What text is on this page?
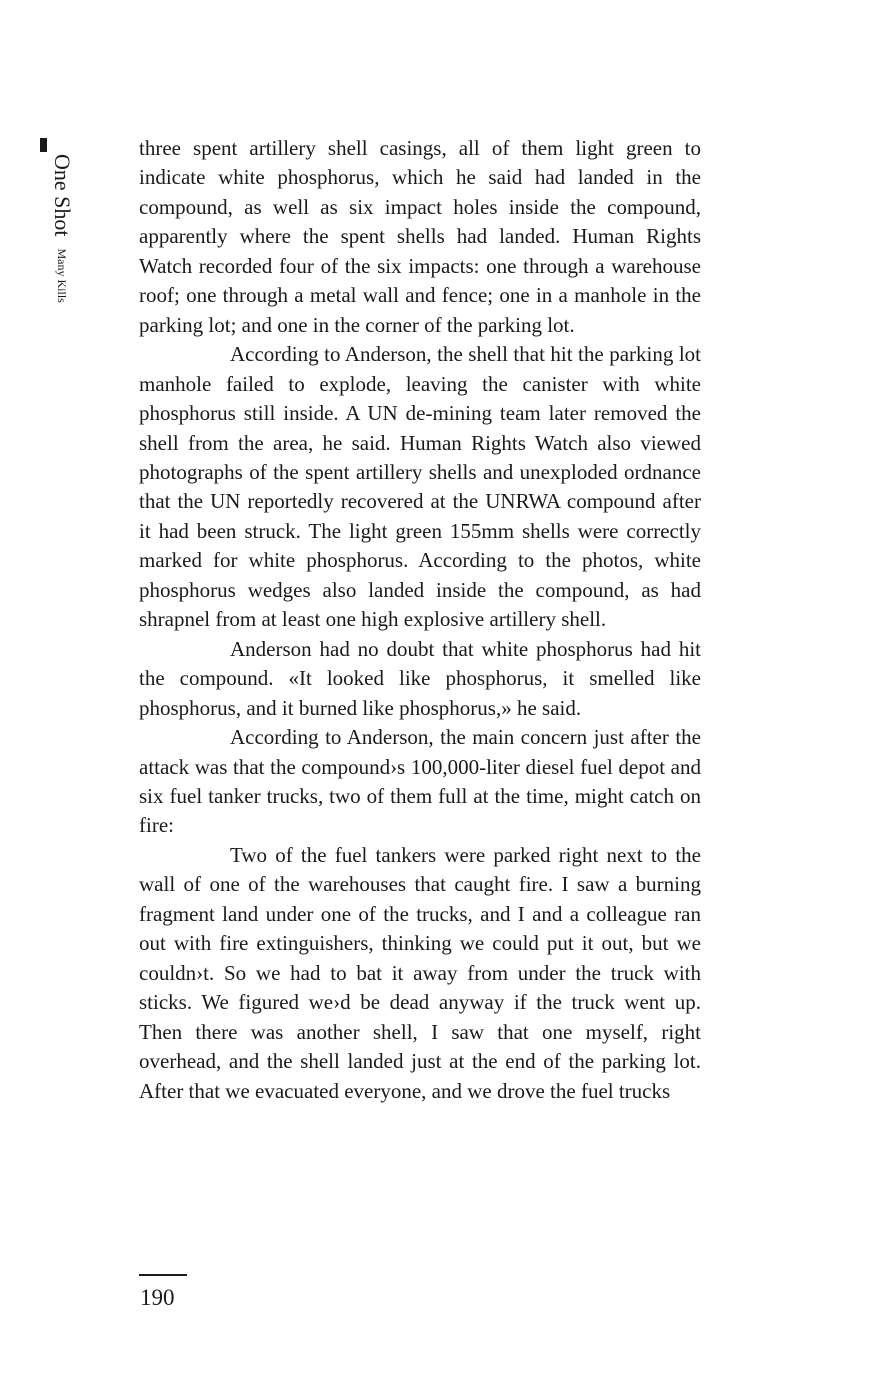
One Shot
Many Kills

three spent artillery shell casings, all of them light green to indicate white phosphorus, which he said had landed in the compound, as well as six impact holes inside the compound, apparently where the spent shells had landed. Human Rights Watch recorded four of the six impacts: one through a warehouse roof; one through a metal wall and fence; one in a manhole in the parking lot; and one in the corner of the parking lot.

According to Anderson, the shell that hit the parking lot manhole failed to explode, leaving the canister with white phosphorus still inside. A UN de-mining team later removed the shell from the area, he said. Human Rights Watch also viewed photographs of the spent artillery shells and unexploded ordnance that the UN reportedly recovered at the UNRWA compound after it had been struck. The light green 155mm shells were correctly marked for white phosphorus. According to the photos, white phosphorus wedges also landed inside the compound, as had shrapnel from at least one high explosive artillery shell.

Anderson had no doubt that white phosphorus had hit the compound. «It looked like phosphorus, it smelled like phosphorus, and it burned like phosphorus,» he said.

According to Anderson, the main concern just after the attack was that the compound›s 100,000-liter diesel fuel depot and six fuel tanker trucks, two of them full at the time, might catch on fire:

Two of the fuel tankers were parked right next to the wall of one of the warehouses that caught fire. I saw a burning fragment land under one of the trucks, and I and a colleague ran out with fire extinguishers, thinking we could put it out, but we couldn›t. So we had to bat it away from under the truck with sticks. We figured we›d be dead anyway if the truck went up. Then there was another shell, I saw that one myself, right overhead, and the shell landed just at the end of the parking lot. After that we evacuated everyone, and we drove the fuel trucks

190
